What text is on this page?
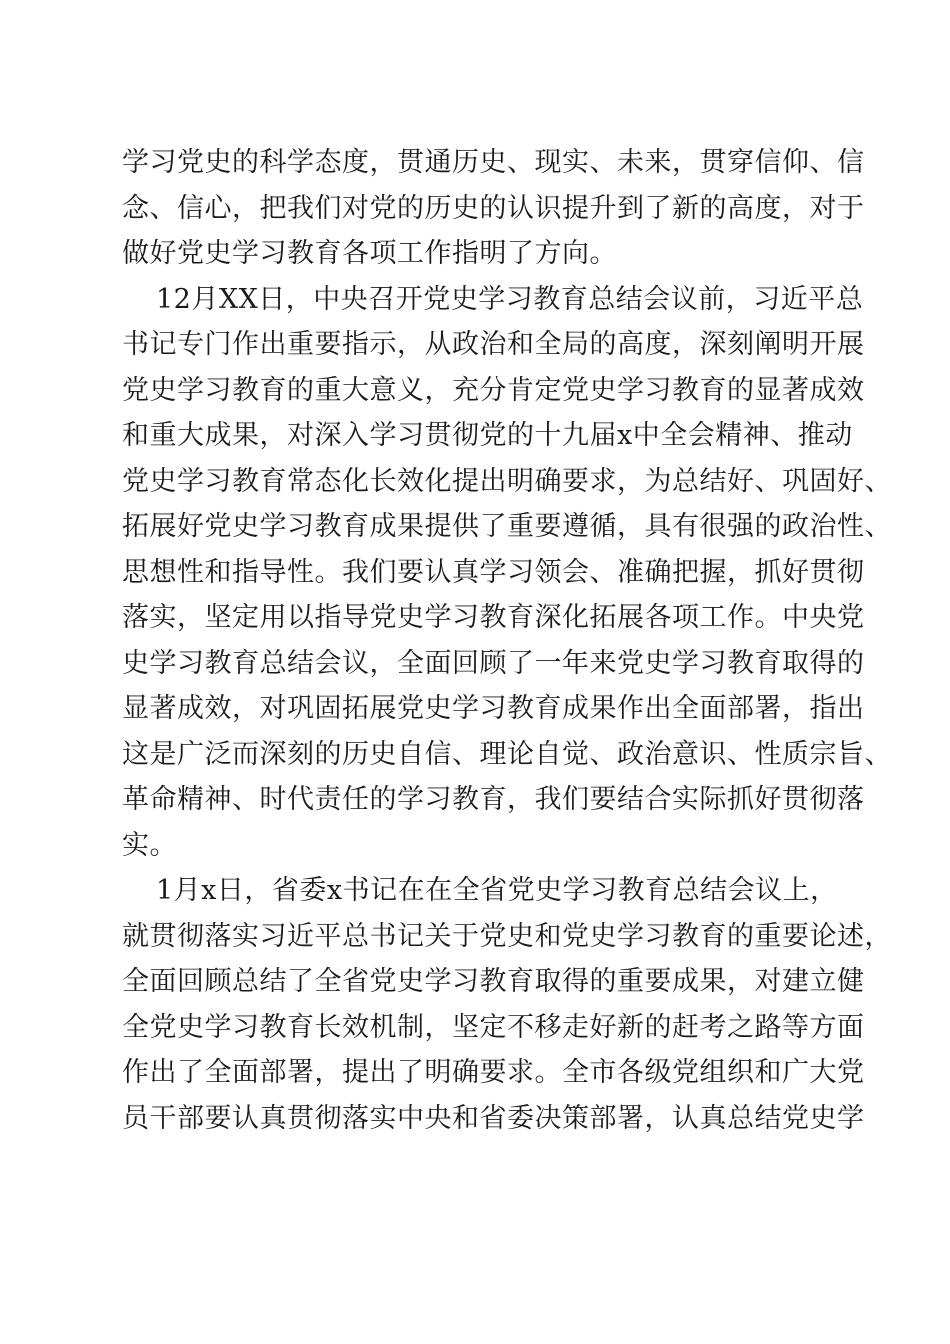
学习党史的科学态度，贯通历史、现实、未来，贯穿信仰、信
念、信心，把我们对党的历史的认识提升到了新的高度，对于
做好党史学习教育各项工作指明了方向。
12月XX日，中央召开党史学习教育总结会议前，习近平总
书记专门作出重要指示，从政治和全局的高度，深刻阐明开展
党史学习教育的重大意义，充分肯定党史学习教育的显著成效
和重大成果，对深入学习贯彻党的十九届x中全会精神、推动
党史学习教育常态化长效化提出明确要求，为总结好、巩固好、
拓展好党史学习教育成果提供了重要遵循，具有很强的政治性、
思想性和指导性。我们要认真学习领会、准确把握，抓好贯彻
落实，坚定用以指导党史学习教育深化拓展各项工作。中央党
史学习教育总结会议，全面回顾了一年来党史学习教育取得的
显著成效，对巩固拓展党史学习教育成果作出全面部署，指出
这是广泛而深刻的历史自信、理论自觉、政治意识、性质宗旨、
革命精神、时代责任的学习教育，我们要结合实际抓好贯彻落
实。
1月x日，省委x书记在在全省党史学习教育总结会议上，
就贯彻落实习近平总书记关于党史和党史学习教育的重要论述，
全面回顾总结了全省党史学习教育取得的重要成果，对建立健
全党史学习教育长效机制，坚定不移走好新的赶考之路等方面
作出了全面部署，提出了明确要求。全市各级党组织和广大党
员干部要认真贯彻落实中央和省委决策部署，认真总结党史学
